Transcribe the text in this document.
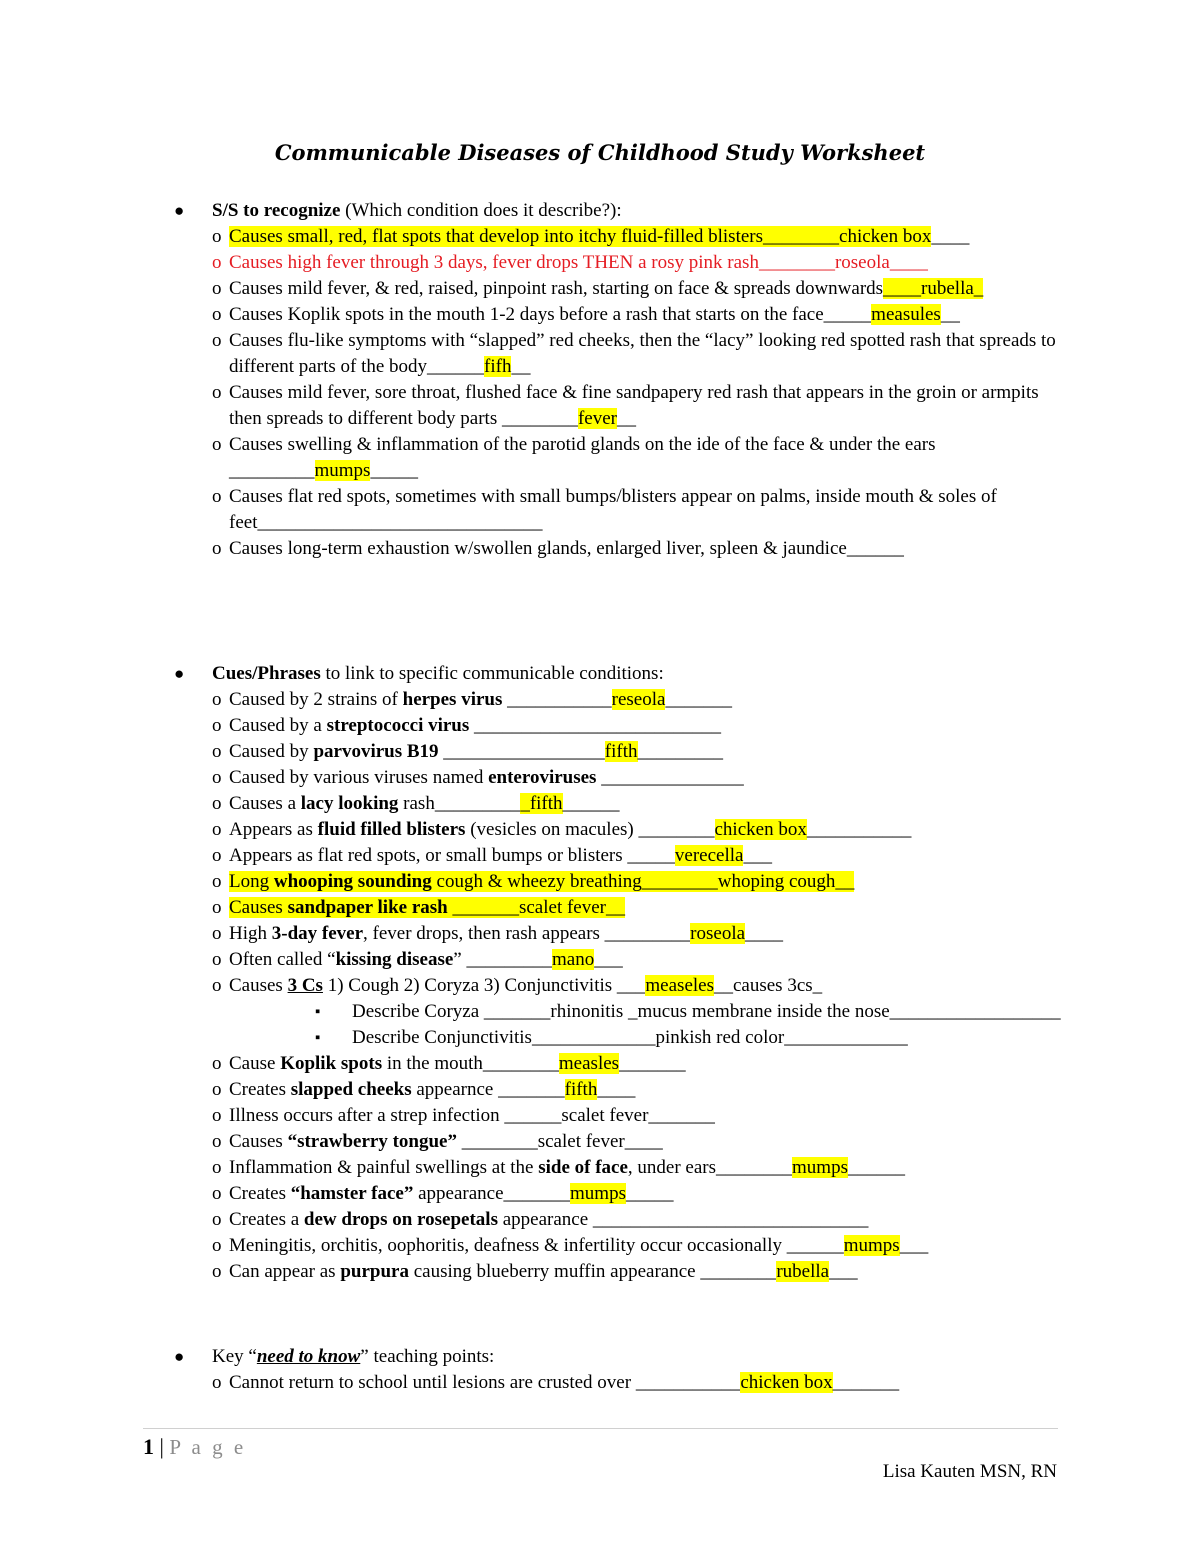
Communicable Diseases of Childhood Study Worksheet
● S/S to recognize (Which condition does it describe?):
o Causes small, red, flat spots that develop into itchy fluid-filled blisters________chicken box____
o Causes high fever through 3 days, fever drops THEN a rosy pink rash________roseola____
o Causes mild fever, & red, raised, pinpoint rash, starting on face & spreads downwards____rubella_
o Causes Koplik spots in the mouth 1-2 days before a rash that starts on the face_____measules__
o Causes flu-like symptoms with “slapped” red cheeks, then the “lacy” looking red spotted rash that spreads to different parts of the body______fifh__
o Causes mild fever, sore throat, flushed face & fine sandpapery red rash that appears in the groin or armpits then spreads to different body parts ________fever__
o Causes swelling & inflammation of the parotid glands on the ide of the face & under the ears _________mumps_____
o Causes flat red spots, sometimes with small bumps/blisters appear on palms, inside mouth & soles of feet______________________________
o Causes long-term exhaustion w/swollen glands, enlarged liver, spleen & jaundice______
● Cues/Phrases to link to specific communicable conditions:
o Caused by 2 strains of herpes virus ___________reseola_______
o Caused by a streptococci virus __________________________
o Caused by parvovirus B19 _________________fifth_________
o Caused by various viruses named enteroviruses _______________
o Causes a lacy looking rash__________fifth______
o Appears as fluid filled blisters (vesicles on macules) ________chicken box___________
o Appears as flat red spots, or small bumps or blisters _____verecella___
o Long whooping sounding cough & wheezy breathing________whoping cough__
o Causes sandpaper like rash _______scalet fever__
o High 3-day fever, fever drops, then rash appears _________roseola____
o Often called “kissing disease” _________mano___
o Causes 3 Cs 1) Cough 2) Coryza 3) Conjunctivitis ___measeles__causes 3cs_
▪ Describe Coryza _______rhinonitis _mucus membrane inside the nose__________________
▪ Describe Conjunctivitis_____________pinkish red color_____________
o Cause Koplik spots in the mouth________measles_______
o Creates slapped cheeks appearnce _______fifth____
o Illness occurs after a strep infection ______scalet fever_______
o Causes “strawberry tongue” ________scalet fever____
o Inflammation & painful swellings at the side of face, under ears________mumps______
o Creates “hamster face” appearance_______mumps_____
o Creates a dew drops on rosepetals appearance _____________________________
o Meningitis, orchitis, oophoritis, deafness & infertility occur occasionally ______mumps___
o Can appear as purpura causing blueberry muffin appearance ________rubella___
● Key “need to know” teaching points:
o Cannot return to school until lesions are crusted over ___________chicken box_______
1 | P a g e
Lisa Kauten MSN, RN
